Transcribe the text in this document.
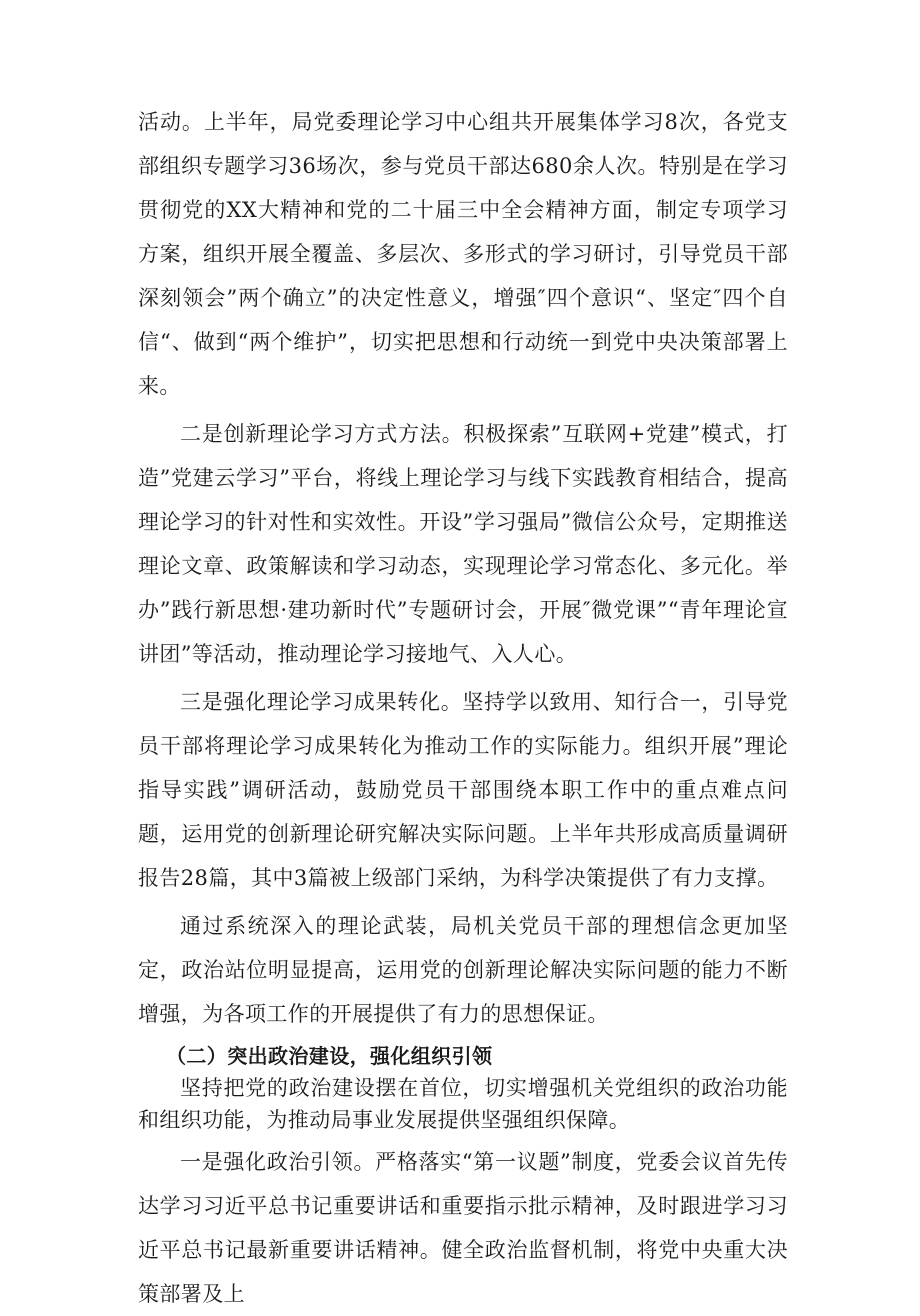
活动。上半年，局党委理论学习中心组共开展集体学习8次，各党支部组织专题学习36场次，参与党员干部达680余人次。特别是在学习贯彻党的XX大精神和党的二十届三中全会精神方面，制定专项学习方案，组织开展全覆盖、多层次、多形式的学习研讨，引导党员干部深刻领会”两个确立”的决定性意义，增强″四个意识“、坚定″四个自信“、做到“两个维护”，切实把思想和行动统一到党中央决策部署上来。

二是创新理论学习方式方法。积极探索”互联网+党建”模式，打造”党建云学习”平台，将线上理论学习与线下实践教育相结合，提高理论学习的针对性和实效性。开设”学习强局”微信公众号，定期推送理论文章、政策解读和学习动态，实现理论学习常态化、多元化。举办”践行新思想·建功新时代”专题研讨会，开展″微党课”“青年理论宣讲团”等活动，推动理论学习接地气、入人心。

三是强化理论学习成果转化。坚持学以致用、知行合一，引导党员干部将理论学习成果转化为推动工作的实际能力。组织开展”理论指导实践”调研活动，鼓励党员干部围绕本职工作中的重点难点问题，运用党的创新理论研究解决实际问题。上半年共形成高质量调研报告28篇，其中3篇被上级部门采纳，为科学决策提供了有力支撑。

通过系统深入的理论武装，局机关党员干部的理想信念更加坚定，政治站位明显提高，运用党的创新理论解决实际问题的能力不断增强，为各项工作的开展提供了有力的思想保证。

（二）突出政治建设，强化组织引领

坚持把党的政治建设摆在首位，切实增强机关党组织的政治功能和组织功能，为推动局事业发展提供坚强组织保障。

一是强化政治引领。严格落实“第一议题”制度，党委会议首先传达学习习近平总书记重要讲话和重要指示批示精神，及时跟进学习习近平总书记最新重要讲话精神。健全政治监督机制，将党中央重大决策部署及上
